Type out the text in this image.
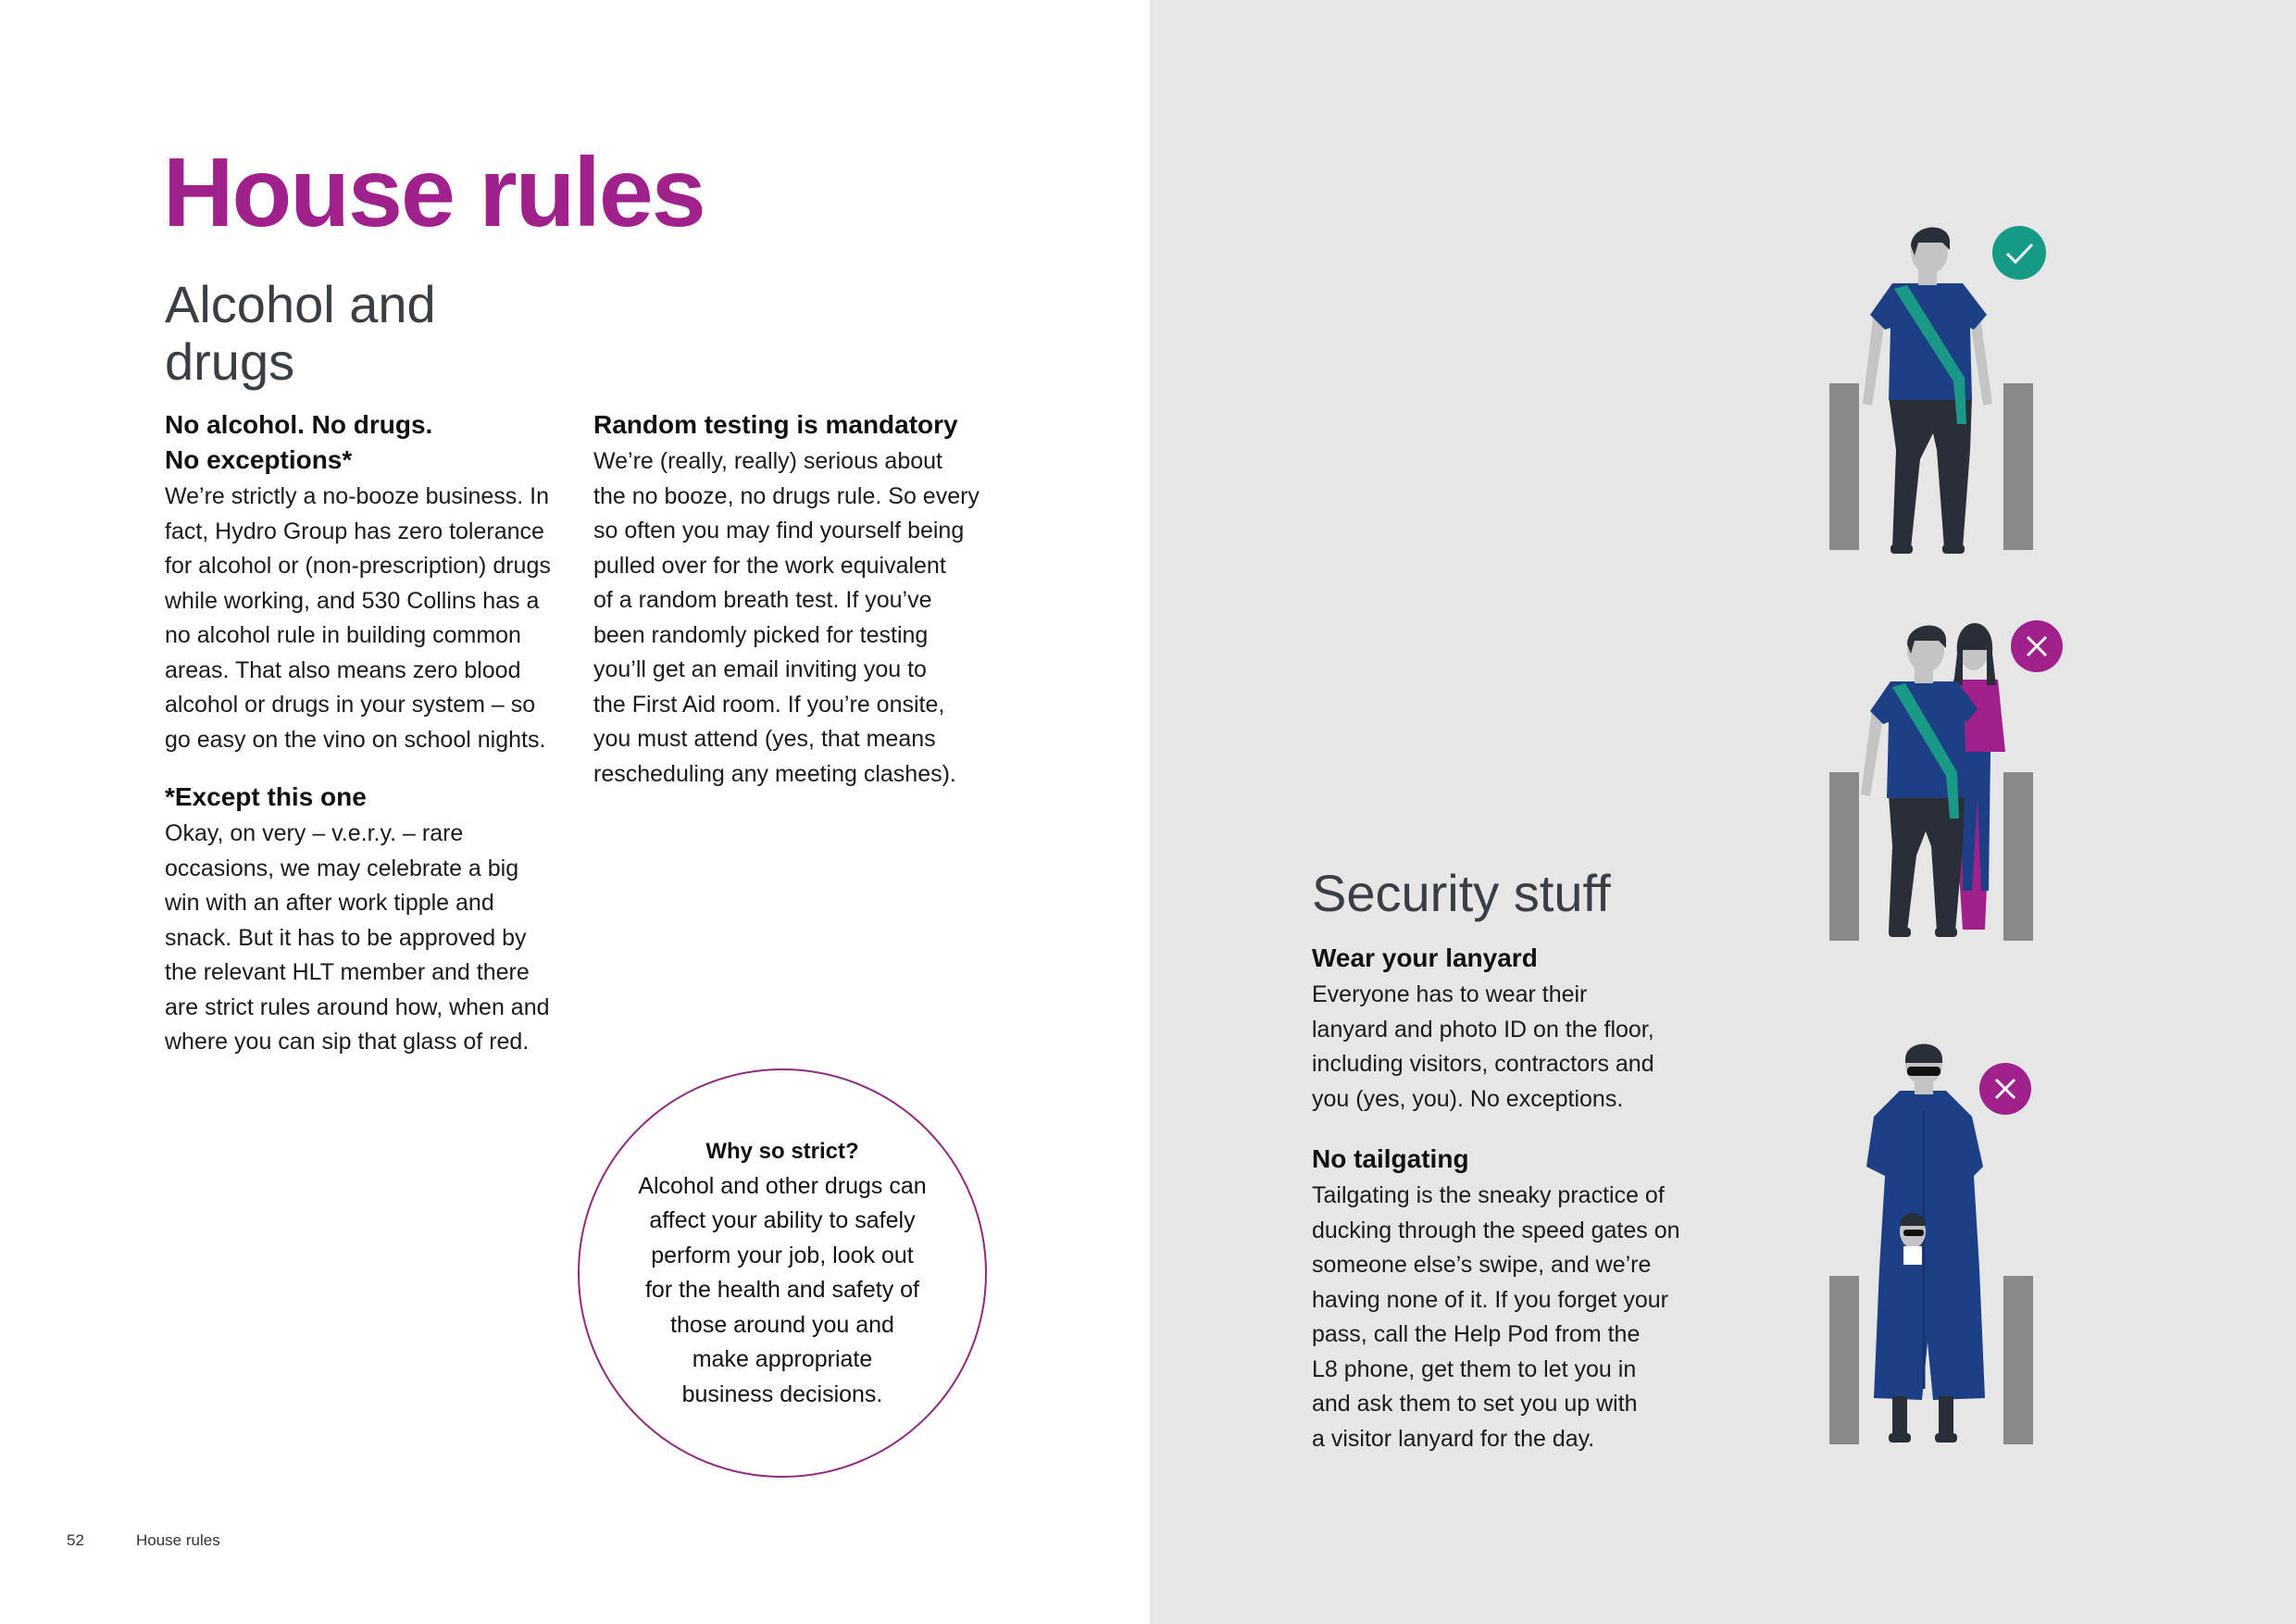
House rules
Alcohol and
drugs
No alcohol. No drugs.
No exceptions*
We’re strictly a no-booze business. In
fact, Hydro Group has zero tolerance
for alcohol or (non-prescription) drugs
while working, and 530 Collins has a
no alcohol rule in building common
areas. That also means zero blood
alcohol or drugs in your system – so
go easy on the vino on school nights.
*Except this one
Okay, on very – v.e.r.y. – rare
occasions, we may celebrate a big
win with an after work tipple and
snack. But it has to be approved by
the relevant HLT member and there
are strict rules around how, when and
where you can sip that glass of red.
Random testing is mandatory
We’re (really, really) serious about
the no booze, no drugs rule. So every
so often you may find yourself being
pulled over for the work equivalent
of a random breath test. If you’ve
been randomly picked for testing
you’ll get an email inviting you to
the First Aid room. If you’re onsite,
you must attend (yes, that means
rescheduling any meeting clashes).
Why so strict?
Alcohol and other drugs can
affect your ability to safely
perform your job, look out
for the health and safety of
those around you and
make appropriate
business decisions.
52	House rules
Security stuff
Wear your lanyard
Everyone has to wear their
lanyard and photo ID on the floor,
including visitors, contractors and
you (yes, you). No exceptions.
No tailgating
Tailgating is the sneaky practice of
ducking through the speed gates on
someone else’s swipe, and we’re
having none of it. If you forget your
pass, call the Help Pod from the
L8 phone, get them to let you in
and ask them to set you up with
a visitor lanyard for the day.
